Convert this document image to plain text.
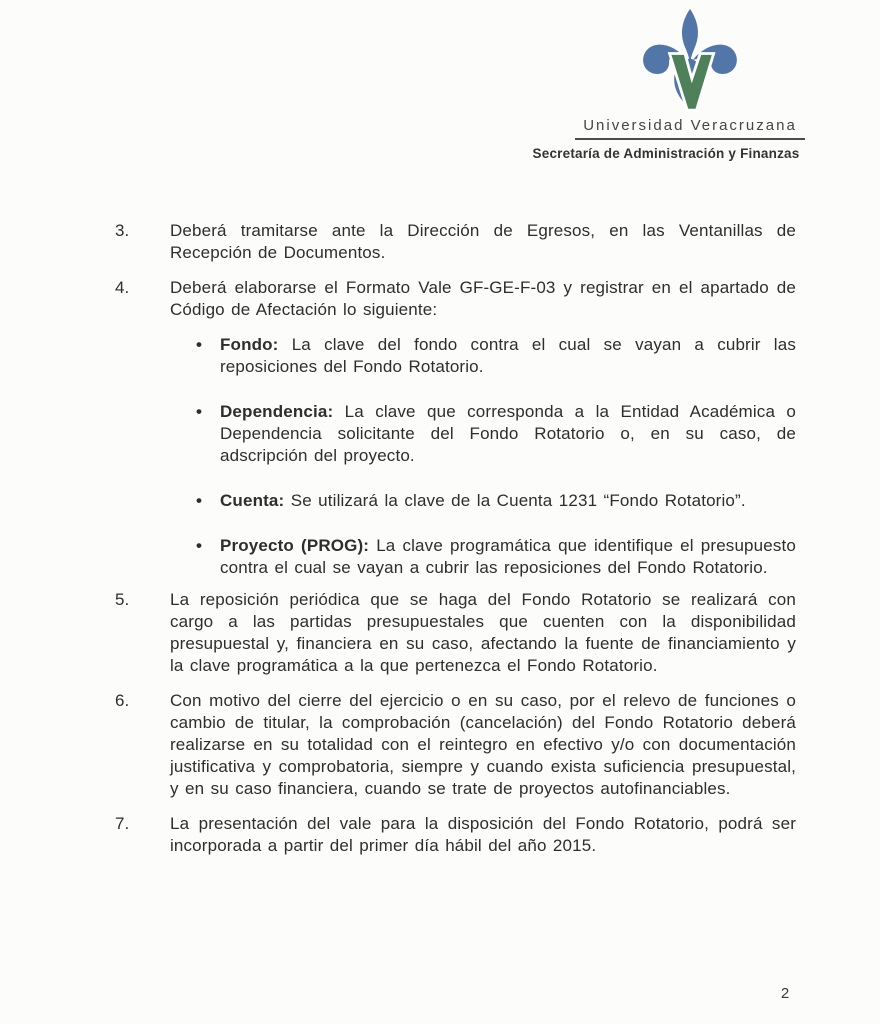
Universidad Veracruzana
Secretaría de Administración y Finanzas
3.	Deberá tramitarse ante la Dirección de Egresos, en las Ventanillas de Recepción de Documentos.

4.	Deberá elaborarse el Formato Vale GF-GE-F-03 y registrar en el apartado de Código de Afectación lo siguiente:

•	Fondo: La clave del fondo contra el cual se vayan a cubrir las reposiciones del Fondo Rotatorio.

•	Dependencia: La clave que corresponda a la Entidad Académica o Dependencia solicitante del Fondo Rotatorio o, en su caso, de adscripción del proyecto.

•	Cuenta: Se utilizará la clave de la Cuenta 1231 “Fondo Rotatorio”.

•	Proyecto (PROG): La clave programática que identifique el presupuesto contra el cual se vayan a cubrir las reposiciones del Fondo Rotatorio.

5.	La reposición periódica que se haga del Fondo Rotatorio se realizará con cargo a las partidas presupuestales que cuenten con la disponibilidad presupuestal y, financiera en su caso, afectando la fuente de financiamiento y la clave programática a la que pertenezca el Fondo Rotatorio.

6.	Con motivo del cierre del ejercicio o en su caso, por el relevo de funciones o cambio de titular, la comprobación (cancelación) del Fondo Rotatorio deberá realizarse en su totalidad con el reintegro en efectivo y/o con documentación justificativa y comprobatoria, siempre y cuando exista suficiencia presupuestal, y en su caso financiera, cuando se trate de proyectos autofinanciables.

7.	La presentación del vale para la disposición del Fondo Rotatorio, podrá ser incorporada a partir del primer día hábil del año 2015.

2
